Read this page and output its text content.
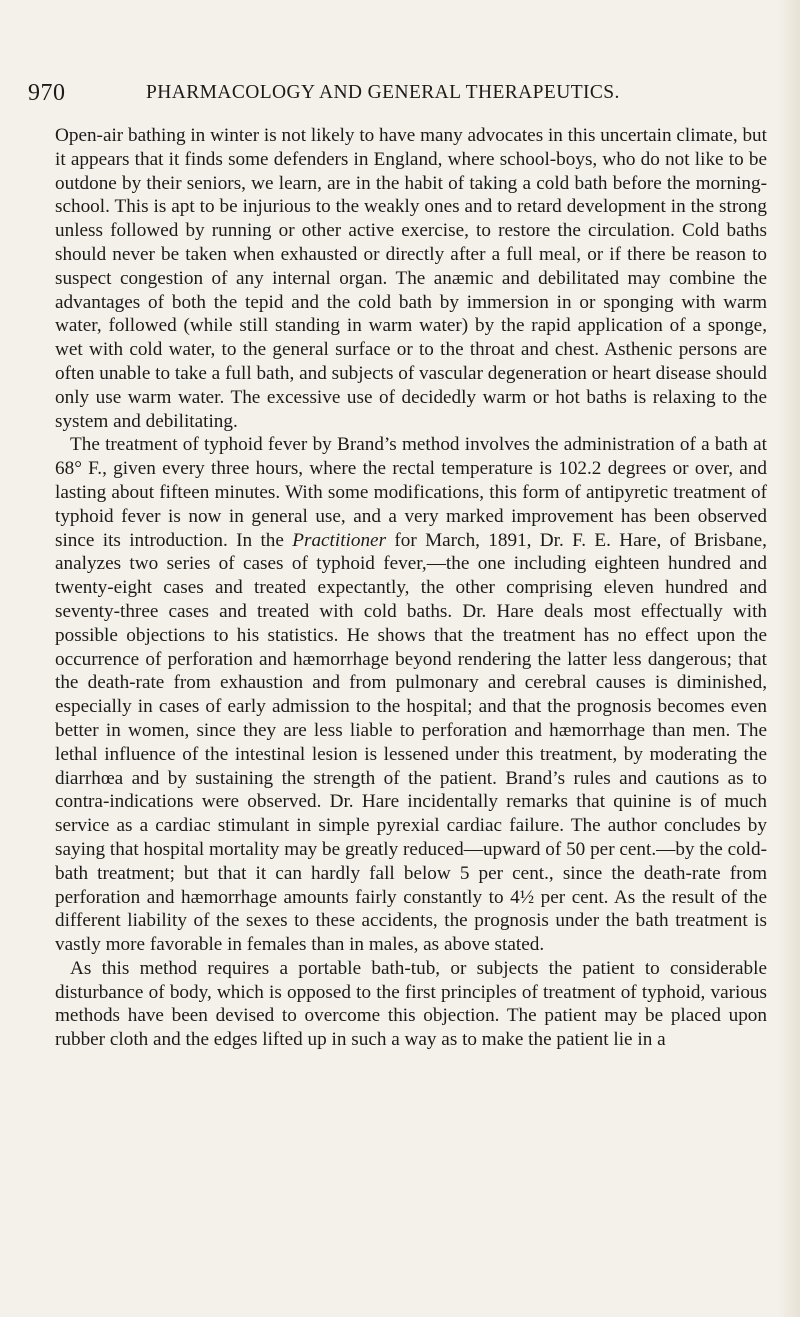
970	PHARMACOLOGY AND GENERAL THERAPEUTICS.

Open-air bathing in winter is not likely to have many advocates in this uncertain climate, but it appears that it finds some defenders in England, where school-boys, who do not like to be outdone by their seniors, we learn, are in the habit of taking a cold bath before the morning-school. This is apt to be injurious to the weakly ones and to retard development in the strong unless followed by running or other active exercise, to restore the circulation. Cold baths should never be taken when exhausted or directly after a full meal, or if there be reason to suspect congestion of any internal organ. The anæmic and debilitated may combine the advantages of both the tepid and the cold bath by immersion in or sponging with warm water, followed (while still standing in warm water) by the rapid application of a sponge, wet with cold water, to the general surface or to the throat and chest. Asthenic persons are often unable to take a full bath, and subjects of vascular degeneration or heart disease should only use warm water. The excessive use of decidedly warm or hot baths is relaxing to the system and debilitating.

The treatment of typhoid fever by Brand’s method involves the administration of a bath at 68° F., given every three hours, where the rectal temperature is 102.2 degrees or over, and lasting about fifteen minutes. With some modifications, this form of antipyretic treatment of typhoid fever is now in general use, and a very marked improvement has been observed since its introduction. In the Practitioner for March, 1891, Dr. F. E. Hare, of Brisbane, analyzes two series of cases of typhoid fever,—the one including eighteen hundred and twenty-eight cases and treated expectantly, the other comprising eleven hundred and seventy-three cases and treated with cold baths. Dr. Hare deals most effectually with possible objections to his statistics. He shows that the treatment has no effect upon the occurrence of perforation and hæmorrhage beyond rendering the latter less dangerous; that the death-rate from exhaustion and from pulmonary and cerebral causes is diminished, especially in cases of early admission to the hospital; and that the prognosis becomes even better in women, since they are less liable to perforation and hæmorrhage than men. The lethal influence of the intestinal lesion is lessened under this treatment, by moderating the diarrhœa and by sustaining the strength of the patient. Brand’s rules and cautions as to contra-indications were observed. Dr. Hare incidentally remarks that quinine is of much service as a cardiac stimulant in simple pyrexial cardiac failure. The author concludes by saying that hospital mortality may be greatly reduced—upward of 50 per cent.—by the cold-bath treatment; but that it can hardly fall below 5 per cent., since the death-rate from perforation and hæmorrhage amounts fairly constantly to 4½ per cent. As the result of the different liability of the sexes to these accidents, the prognosis under the bath treatment is vastly more favorable in females than in males, as above stated.

As this method requires a portable bath-tub, or subjects the patient to considerable disturbance of body, which is opposed to the first principles of treatment of typhoid, various methods have been devised to overcome this objection. The patient may be placed upon rubber cloth and the edges lifted up in such a way as to make the patient lie in a
